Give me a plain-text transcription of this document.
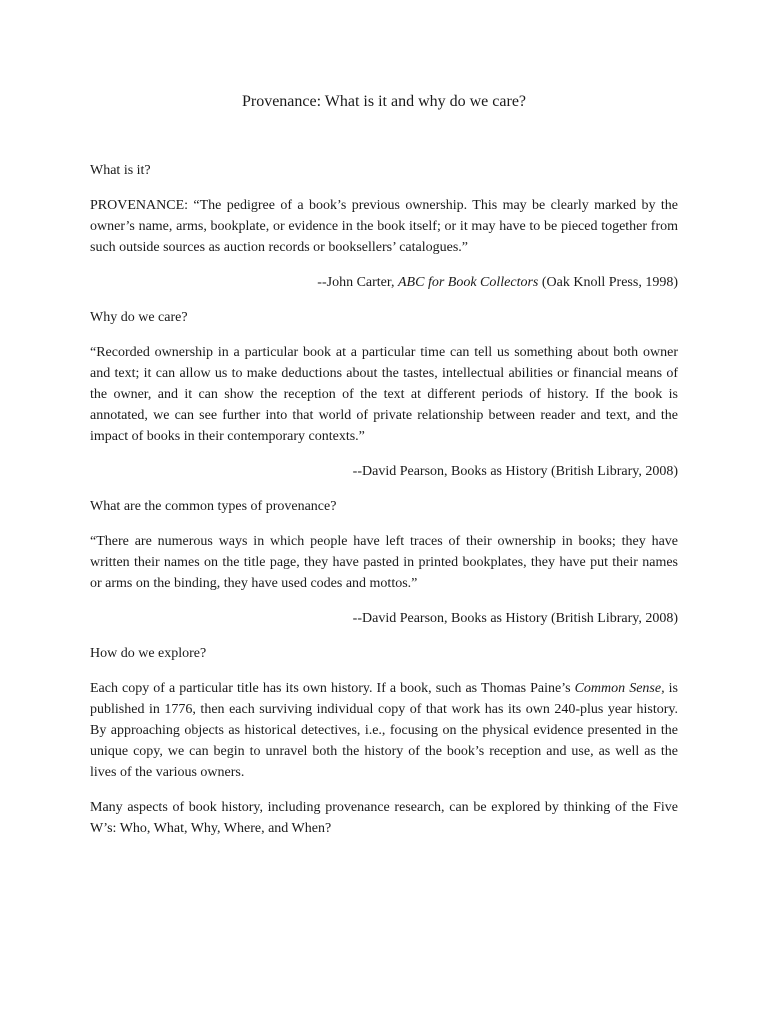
Provenance: What is it and why do we care?

What is it?

PROVENANCE: “The pedigree of a book’s previous ownership. This may be clearly marked by the owner’s name, arms, bookplate, or evidence in the book itself; or it may have to be pieced together from such outside sources as auction records or booksellers’ catalogues.”

--John Carter, ABC for Book Collectors (Oak Knoll Press, 1998)

Why do we care?

“Recorded ownership in a particular book at a particular time can tell us something about both owner and text; it can allow us to make deductions about the tastes, intellectual abilities or financial means of the owner, and it can show the reception of the text at different periods of history. If the book is annotated, we can see further into that world of private relationship between reader and text, and the impact of books in their contemporary contexts.”

--David Pearson, Books as History (British Library, 2008)

What are the common types of provenance?

“There are numerous ways in which people have left traces of their ownership in books; they have written their names on the title page, they have pasted in printed bookplates, they have put their names or arms on the binding, they have used codes and mottos.”

--David Pearson, Books as History (British Library, 2008)

How do we explore?

Each copy of a particular title has its own history. If a book, such as Thomas Paine’s Common Sense, is published in 1776, then each surviving individual copy of that work has its own 240-plus year history. By approaching objects as historical detectives, i.e., focusing on the physical evidence presented in the unique copy, we can begin to unravel both the history of the book’s reception and use, as well as the lives of the various owners.

Many aspects of book history, including provenance research, can be explored by thinking of the Five W’s: Who, What, Why, Where, and When?
